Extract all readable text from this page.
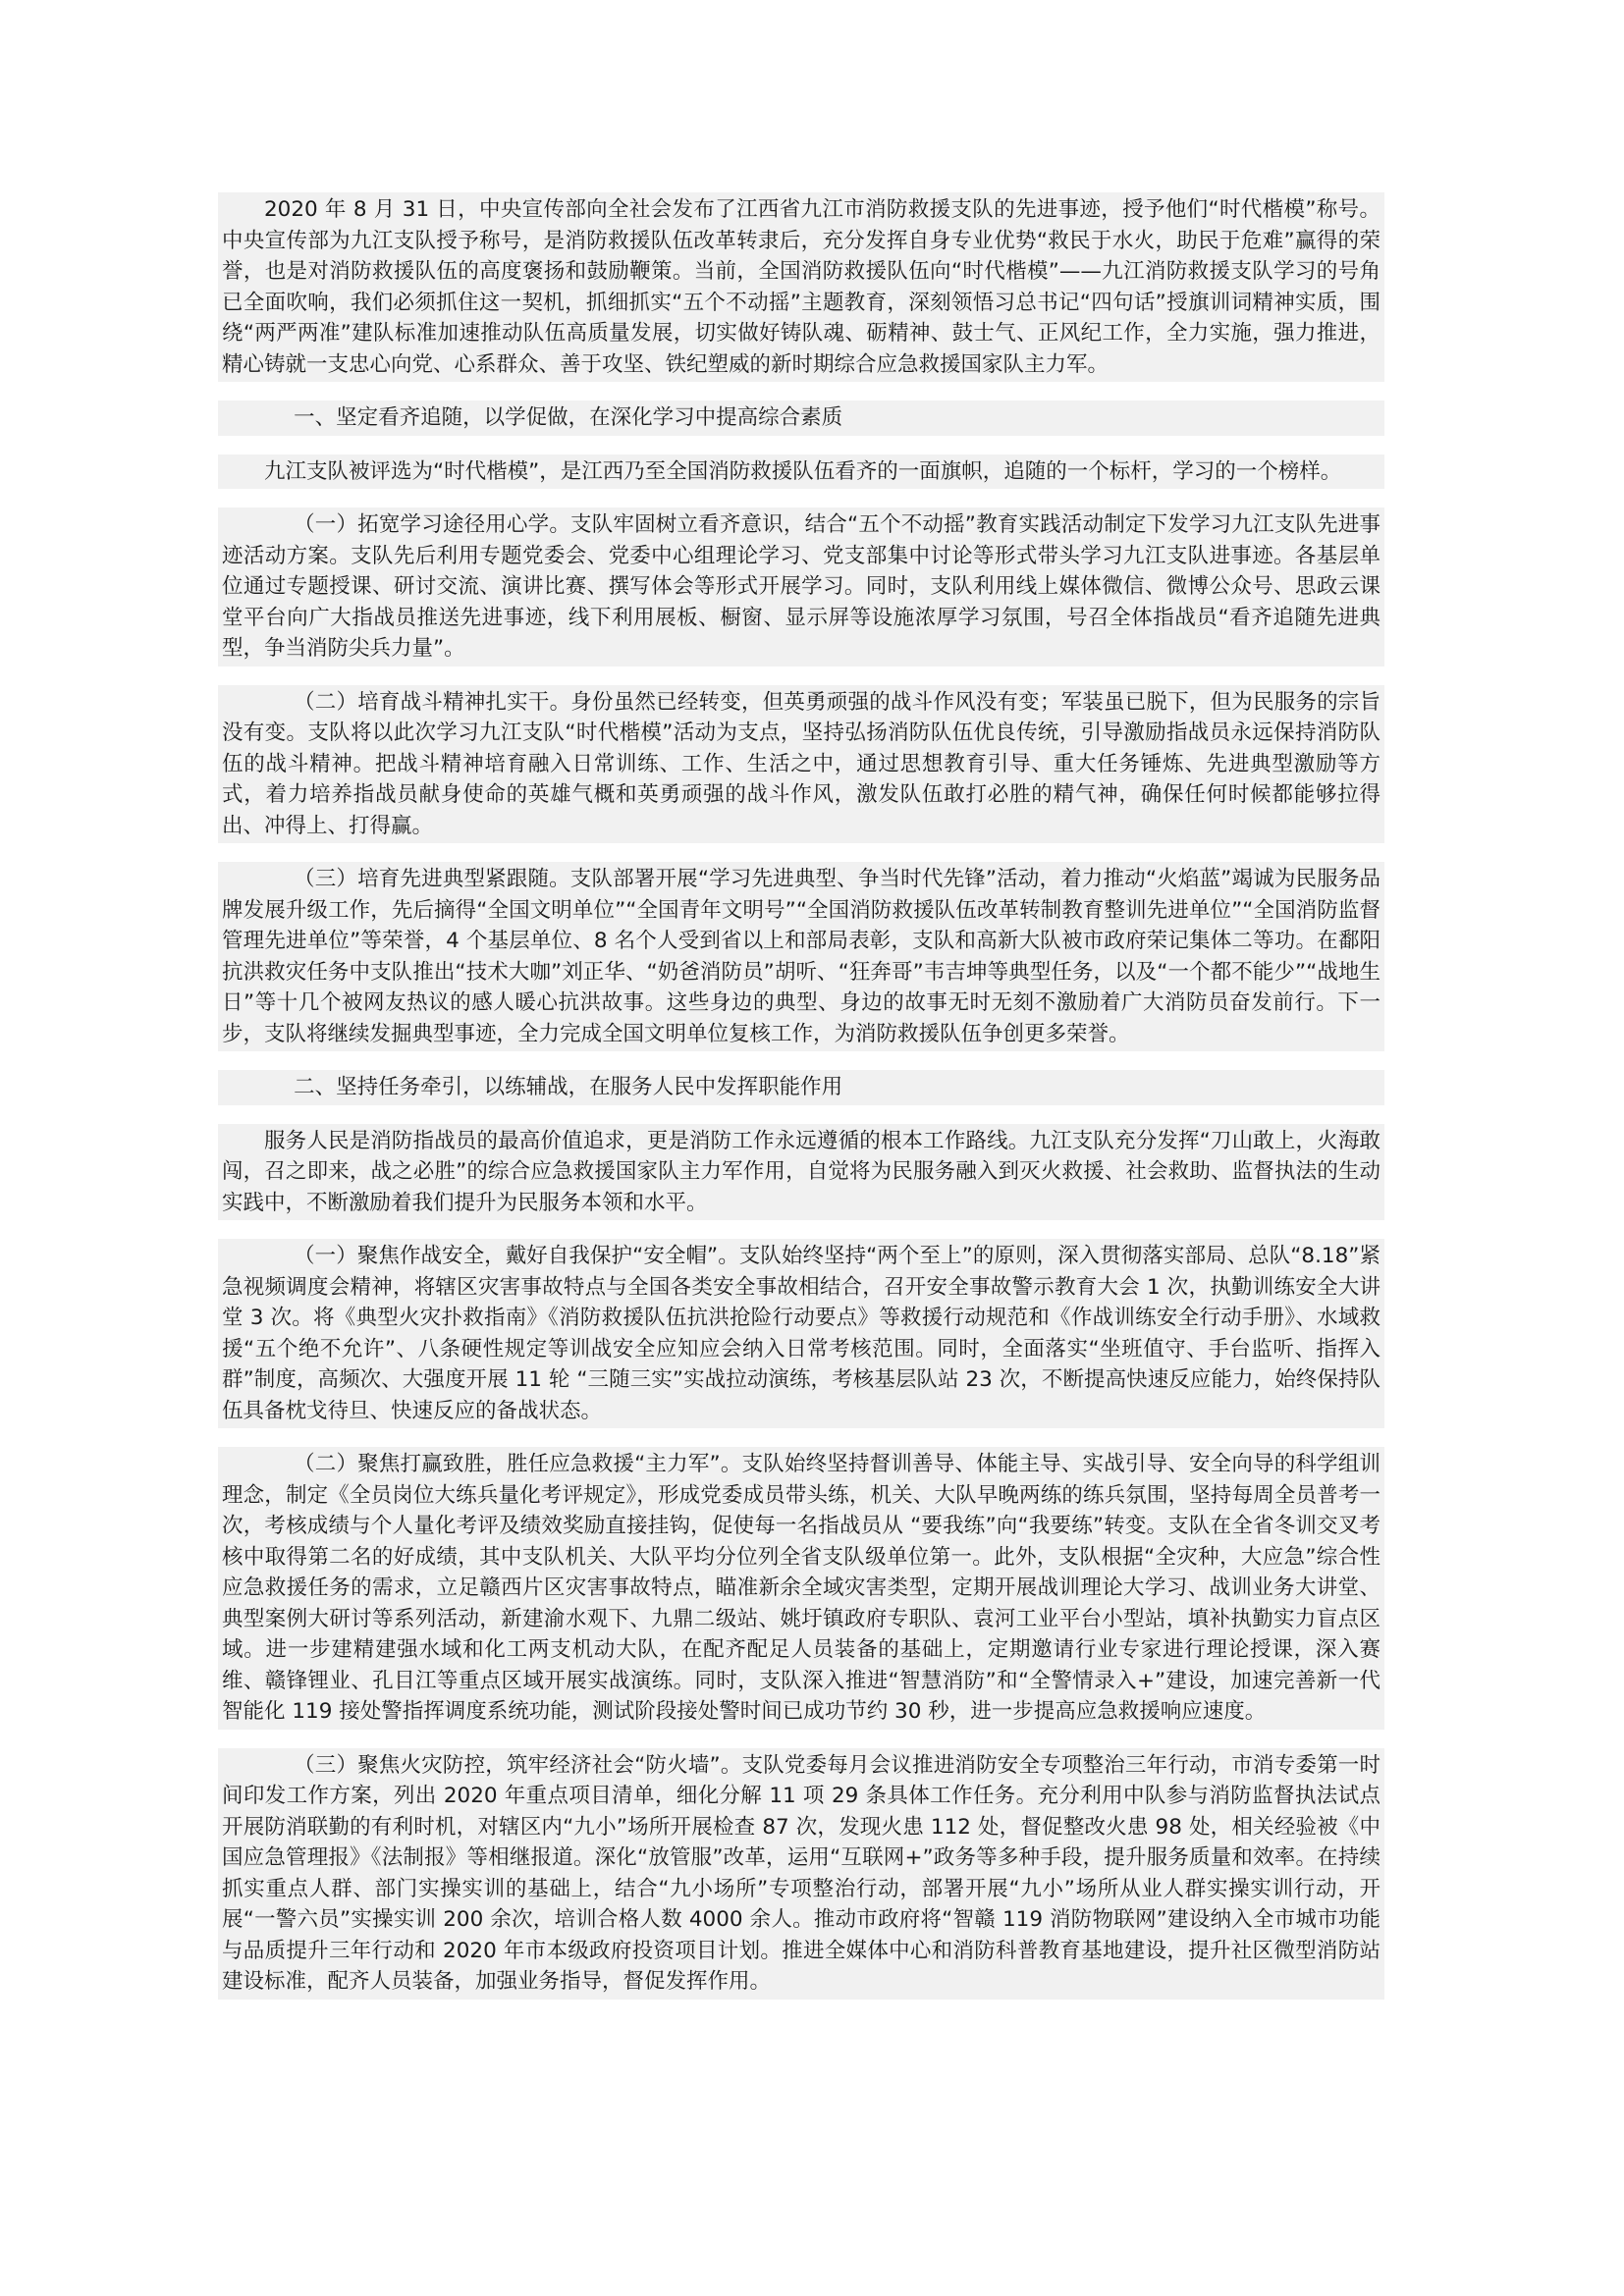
2020 年 8 月 31 日，中央宣传部向全社会发布了江西省九江市消防救援支队的先进事迹，授予他们“时代楷模”称号。中央宣传部为九江支队授予称号，是消防救援队伍改革转隶后，充分发挥自身专业优势“救民于水火，助民于危难”赢得的荣誉，也是对消防救援队伍的高度褒扬和鼓励鞭策。当前，全国消防救援队伍向“时代楷模”——九江消防救援支队学习的号角已全面吹响，我们必须抓住这一契机，抓细抓实“五个不动摇”主题教育，深刻领悟习总书记“四句话”授旗训词精神实质，围绕“两严两准”建队标准加速推动队伍高质量发展，切实做好铸队魂、砺精神、鼓士气、正风纪工作，全力实施，强力推进，精心铸就一支忠心向党、心系群众、善于攻坚、铁纪塑威的新时期综合应急救援国家队主力军。

一、坚定看齐追随，以学促做，在深化学习中提高综合素质

九江支队被评选为“时代楷模”，是江西乃至全国消防救援队伍看齐的一面旗帜，追随的一个标杆，学习的一个榜样。

（一）拓宽学习途径用心学。支队牢固树立看齐意识，结合“五个不动摇”教育实践活动制定下发学习九江支队先进事迹活动方案。支队先后利用专题党委会、党委中心组理论学习、党支部集中讨论等形式带头学习九江支队进事迹。各基层单位通过专题授课、研讨交流、演讲比赛、撰写体会等形式开展学习。同时，支队利用线上媒体微信、微博公众号、思政云课堂平台向广大指战员推送先进事迹，线下利用展板、橱窗、显示屏等设施浓厚学习氛围，号召全体指战员“看齐追随先进典型，争当消防尖兵力量”。

（二）培育战斗精神扎实干。身份虽然已经转变，但英勇顽强的战斗作风没有变；军装虽已脱下，但为民服务的宗旨没有变。支队将以此次学习九江支队“时代楷模”活动为支点，坚持弘扬消防队伍优良传统，引导激励指战员永远保持消防队伍的战斗精神。把战斗精神培育融入日常训练、工作、生活之中，通过思想教育引导、重大任务锤炼、先进典型激励等方式，着力培养指战员献身使命的英雄气概和英勇顽强的战斗作风，激发队伍敢打必胜的精气神，确保任何时候都能够拉得出、冲得上、打得赢。

（三）培育先进典型紧跟随。支队部署开展“学习先进典型、争当时代先锋”活动，着力推动“火焰蓝”竭诚为民服务品牌发展升级工作，先后摘得“全国文明单位”“全国青年文明号”“全国消防救援队伍改革转制教育整训先进单位”“全国消防监督管理先进单位”等荣誉，4 个基层单位、8 名个人受到省以上和部局表彰，支队和高新大队被市政府荣记集体二等功。在鄱阳抗洪救灾任务中支队推出“技术大咖”刘正华、“奶爸消防员”胡听、“狂奔哥”韦吉坤等典型任务，以及“一个都不能少”“战地生日”等十几个被网友热议的感人暖心抗洪故事。这些身边的典型、身边的故事无时无刻不激励着广大消防员奋发前行。下一步，支队将继续发掘典型事迹，全力完成全国文明单位复核工作，为消防救援队伍争创更多荣誉。

二、坚持任务牵引，以练辅战，在服务人民中发挥职能作用

服务人民是消防指战员的最高价值追求，更是消防工作永远遵循的根本工作路线。九江支队充分发挥“刀山敢上，火海敢闯，召之即来，战之必胜”的综合应急救援国家队主力军作用，自觉将为民服务融入到灭火救援、社会救助、监督执法的生动实践中，不断激励着我们提升为民服务本领和水平。

（一）聚焦作战安全，戴好自我保护“安全帽”。支队始终坚持“两个至上”的原则，深入贯彻落实部局、总队“8.18”紧急视频调度会精神，将辖区灾害事故特点与全国各类安全事故相结合，召开安全事故警示教育大会 1 次，执勤训练安全大讲堂 3 次。将《典型火灾扑救指南》《消防救援队伍抗洪抢险行动要点》等救援行动规范和《作战训练安全行动手册》、水域救援“五个绝不允许”、八条硬性规定等训战安全应知应会纳入日常考核范围。同时，全面落实“坐班值守、手台监听、指挥入群”制度，高频次、大强度开展 11 轮 “三随三实”实战拉动演练，考核基层队站 23 次，不断提高快速反应能力，始终保持队伍具备枕戈待旦、快速反应的备战状态。

（二）聚焦打赢致胜，胜任应急救援“主力军”。支队始终坚持督训善导、体能主导、实战引导、安全向导的科学组训理念，制定《全员岗位大练兵量化考评规定》，形成党委成员带头练，机关、大队早晚两练的练兵氛围，坚持每周全员普考一次，考核成绩与个人量化考评及绩效奖励直接挂钩，促使每一名指战员从 “要我练”向“我要练”转变。支队在全省冬训交叉考核中取得第二名的好成绩，其中支队机关、大队平均分位列全省支队级单位第一。此外，支队根据“全灾种，大应急”综合性应急救援任务的需求，立足赣西片区灾害事故特点，瞄准新余全域灾害类型，定期开展战训理论大学习、战训业务大讲堂、典型案例大研讨等系列活动，新建渝水观下、九鼎二级站、姚圩镇政府专职队、袁河工业平台小型站，填补执勤实力盲点区域。进一步建精建强水域和化工两支机动大队，在配齐配足人员装备的基础上，定期邀请行业专家进行理论授课，深入赛维、赣锋锂业、孔目江等重点区域开展实战演练。同时，支队深入推进“智慧消防”和“全警情录入+”建设，加速完善新一代智能化 119 接处警指挥调度系统功能，测试阶段接处警时间已成功节约 30 秒，进一步提高应急救援响应速度。

（三）聚焦火灾防控，筑牢经济社会“防火墙”。支队党委每月会议推进消防安全专项整治三年行动，市消专委第一时间印发工作方案，列出 2020 年重点项目清单，细化分解 11 项 29 条具体工作任务。充分利用中队参与消防监督执法试点开展防消联勤的有利时机，对辖区内“九小”场所开展检查 87 次，发现火患 112 处，督促整改火患 98 处，相关经验被《中国应急管理报》《法制报》等相继报道。深化“放管服”改革，运用“互联网+”政务等多种手段，提升服务质量和效率。在持续抓实重点人群、部门实操实训的基础上，结合“九小场所”专项整治行动，部署开展“九小”场所从业人群实操实训行动，开展“一警六员”实操实训 200 余次，培训合格人数 4000 余人。推动市政府将“智赣 119 消防物联网”建设纳入全市城市功能与品质提升三年行动和 2020 年市本级政府投资项目计划。推进全媒体中心和消防科普教育基地建设，提升社区微型消防站建设标准，配齐人员装备，加强业务指导，督促发挥作用。
